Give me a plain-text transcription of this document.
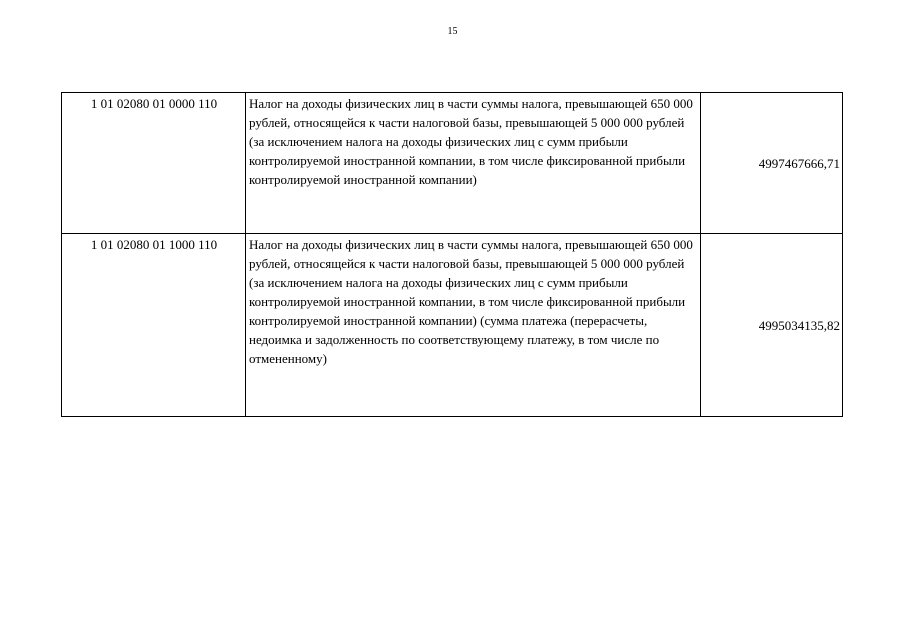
15
1 01 02080 01 0000 110	Налог на доходы физических лиц в части суммы налога, превышающей 650 000 рублей, относящейся к части налоговой базы, превышающей 5 000 000 рублей (за исключением налога на доходы физических лиц с сумм прибыли контролируемой иностранной компании, в том числе фиксированной прибыли контролируемой иностранной компании)	4997467666,71
1 01 02080 01 1000 110	Налог на доходы физических лиц в части суммы налога, превышающей 650 000 рублей, относящейся к части налоговой базы, превышающей 5 000 000 рублей (за исключением налога на доходы физических лиц с сумм прибыли контролируемой иностранной компании, в том числе фиксированной прибыли контролируемой иностранной компании) (сумма платежа (перерасчеты, недоимка и задолженность по соответствующему платежу, в том числе по отмененному)	4995034135,82
